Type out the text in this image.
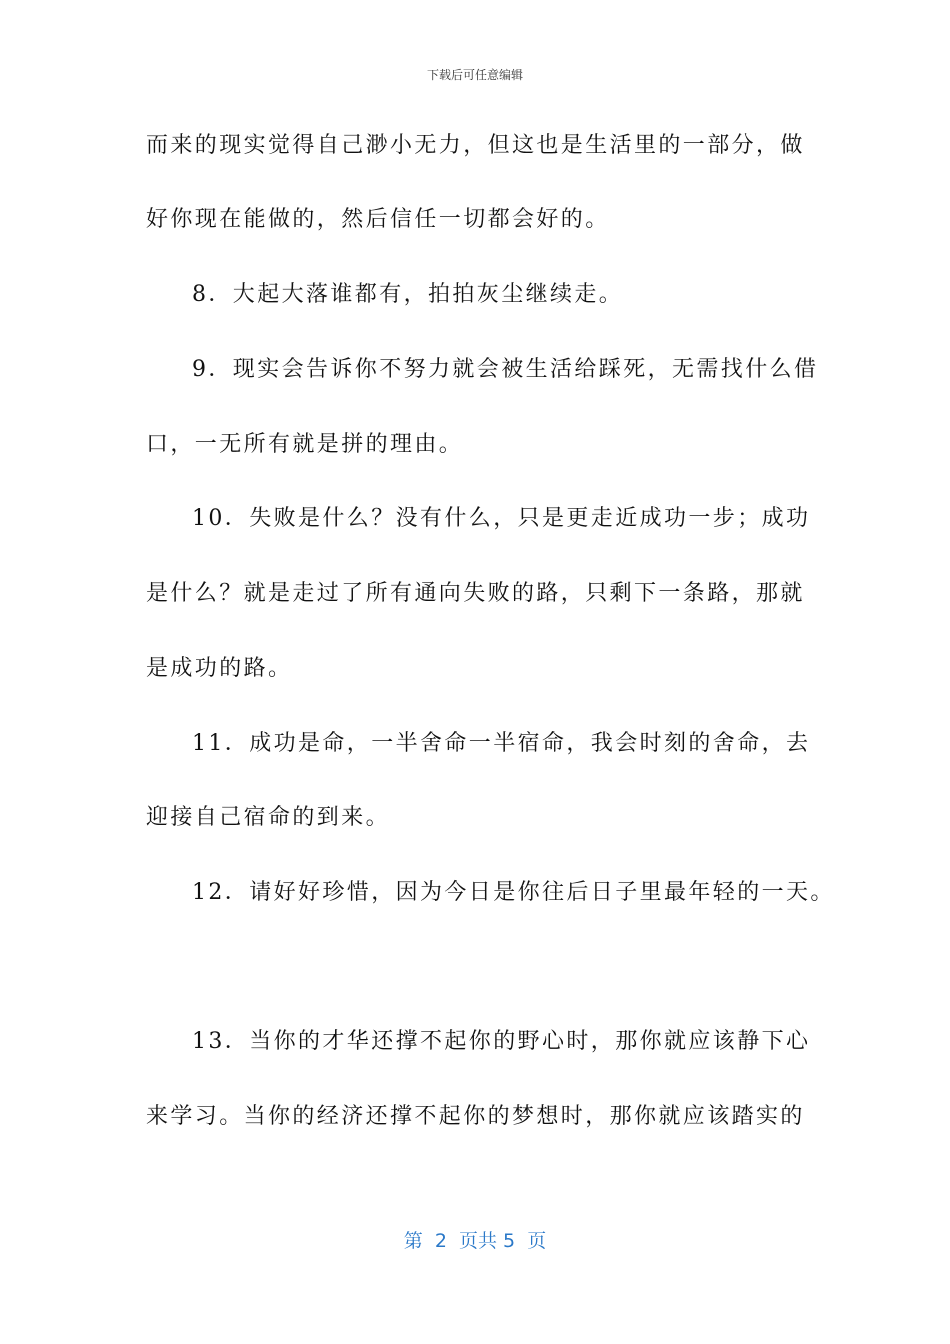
下载后可任意编辑
而来的现实觉得自己渺小无力，但这也是生活里的一部分，做
好你现在能做的，然后信任一切都会好的。
8．大起大落谁都有，拍拍灰尘继续走。
9．现实会告诉你不努力就会被生活给踩死，无需找什么借
口，一无所有就是拼的理由。
10．失败是什么？没有什么，只是更走近成功一步；成功
是什么？就是走过了所有通向失败的路，只剩下一条路，那就
是成功的路。
11．成功是命，一半舍命一半宿命，我会时刻的舍命，去
迎接自己宿命的到来。
12．请好好珍惜，因为今日是你往后日子里最年轻的一天。
13．当你的才华还撑不起你的野心时，那你就应该静下心
来学习。当你的经济还撑不起你的梦想时，那你就应该踏实的
第  2  页共 5  页
